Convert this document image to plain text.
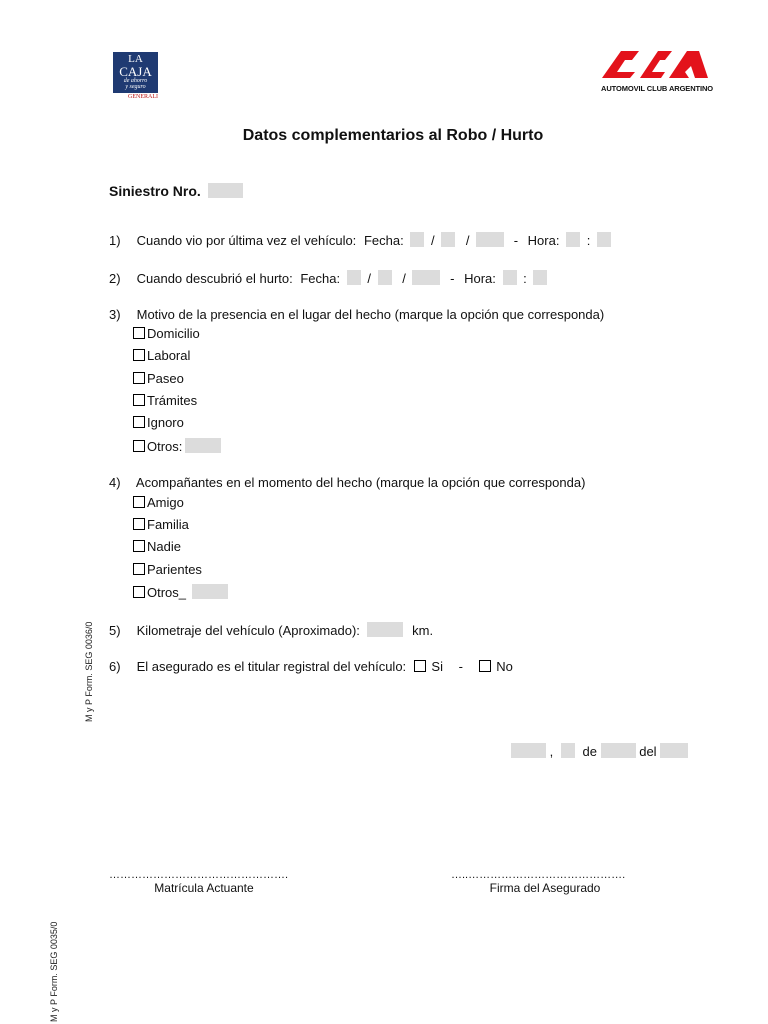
LA
CAJA
de ahorro
y seguro
GENERALI
AUTOMOVIL CLUB ARGENTINO
Datos complementarios al Robo / Hurto
Siniestro Nro.
1) Cuando vio por última vez el vehículo: Fecha: / /	- Hora: :
2) Cuando descubrió el hurto: Fecha: / /	- Hora: :
3) Motivo de la presencia en el lugar del hecho (marque la opción que corresponda)
Domicilio
Laboral
Paseo
Trámites
Ignoro
Otros:
4) Acompañantes en el momento del hecho (marque la opción que corresponda)
Amigo
Familia
Nadie
Parientes
Otros_
5) Kilometraje del vehículo (Aproximado):	km.
6) El asegurado es el titular registral del vehículo: Si -	No
, de	del
………………………………………….
Matrícula Actuante
…..…………………………………….
Firma del Asegurado
M y P Form. SEG 0036/0
M y P Form. SEG 0035/0
